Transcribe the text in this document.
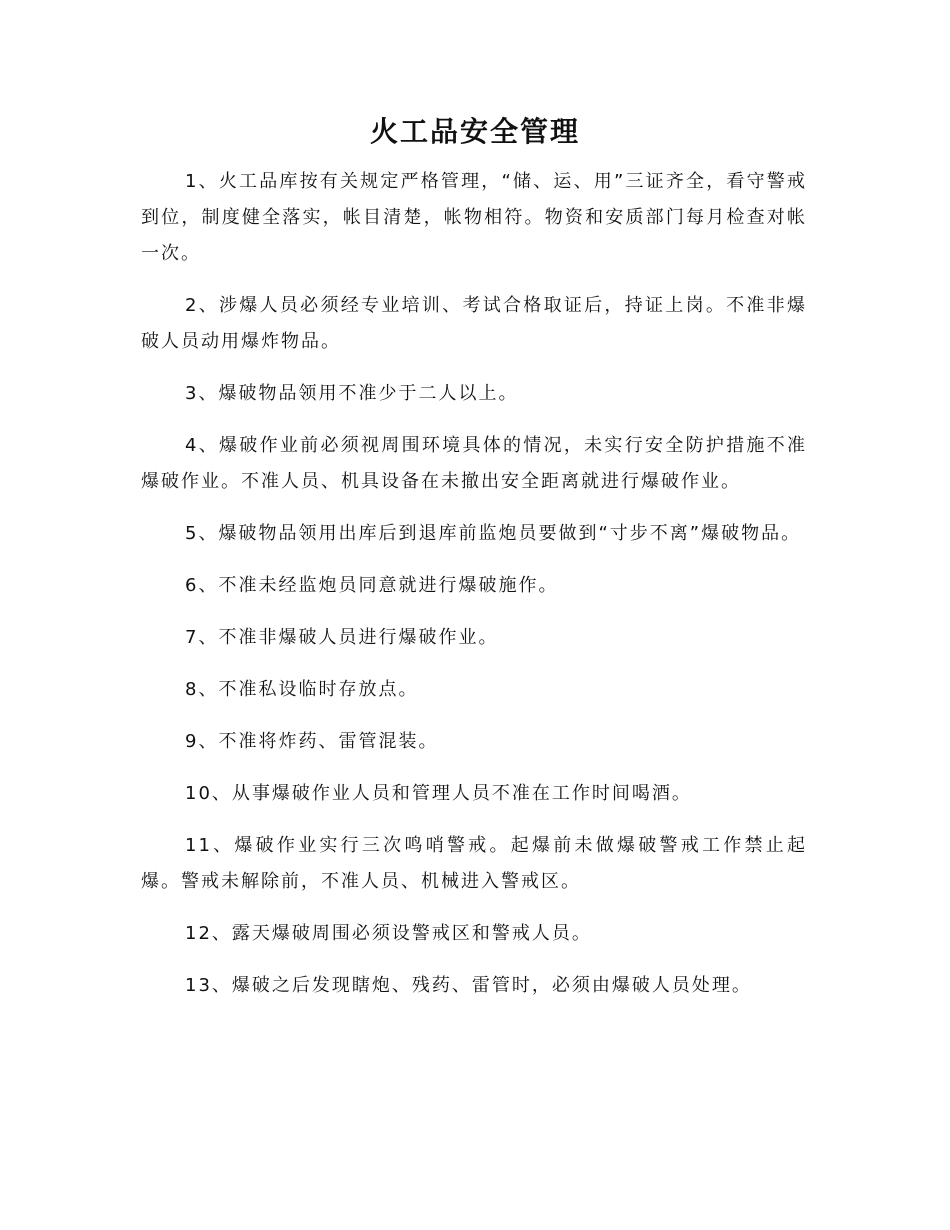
火工品安全管理

1、火工品库按有关规定严格管理，“储、运、用”三证齐全，看守警戒到位，制度健全落实，帐目清楚，帐物相符。物资和安质部门每月检查对帐一次。

2、涉爆人员必须经专业培训、考试合格取证后，持证上岗。不准非爆破人员动用爆炸物品。

3、爆破物品领用不准少于二人以上。

4、爆破作业前必须视周围环境具体的情况，未实行安全防护措施不准爆破作业。不准人员、机具设备在未撤出安全距离就进行爆破作业。

5、爆破物品领用出库后到退库前监炮员要做到“寸步不离”爆破物品。

6、不准未经监炮员同意就进行爆破施作。

7、不准非爆破人员进行爆破作业。

8、不准私设临时存放点。

9、不准将炸药、雷管混装。

10、从事爆破作业人员和管理人员不准在工作时间喝酒。

11、爆破作业实行三次鸣哨警戒。起爆前未做爆破警戒工作禁止起爆。警戒未解除前，不准人员、机械进入警戒区。

12、露天爆破周围必须设警戒区和警戒人员。

13、爆破之后发现瞎炮、残药、雷管时，必须由爆破人员处理。
